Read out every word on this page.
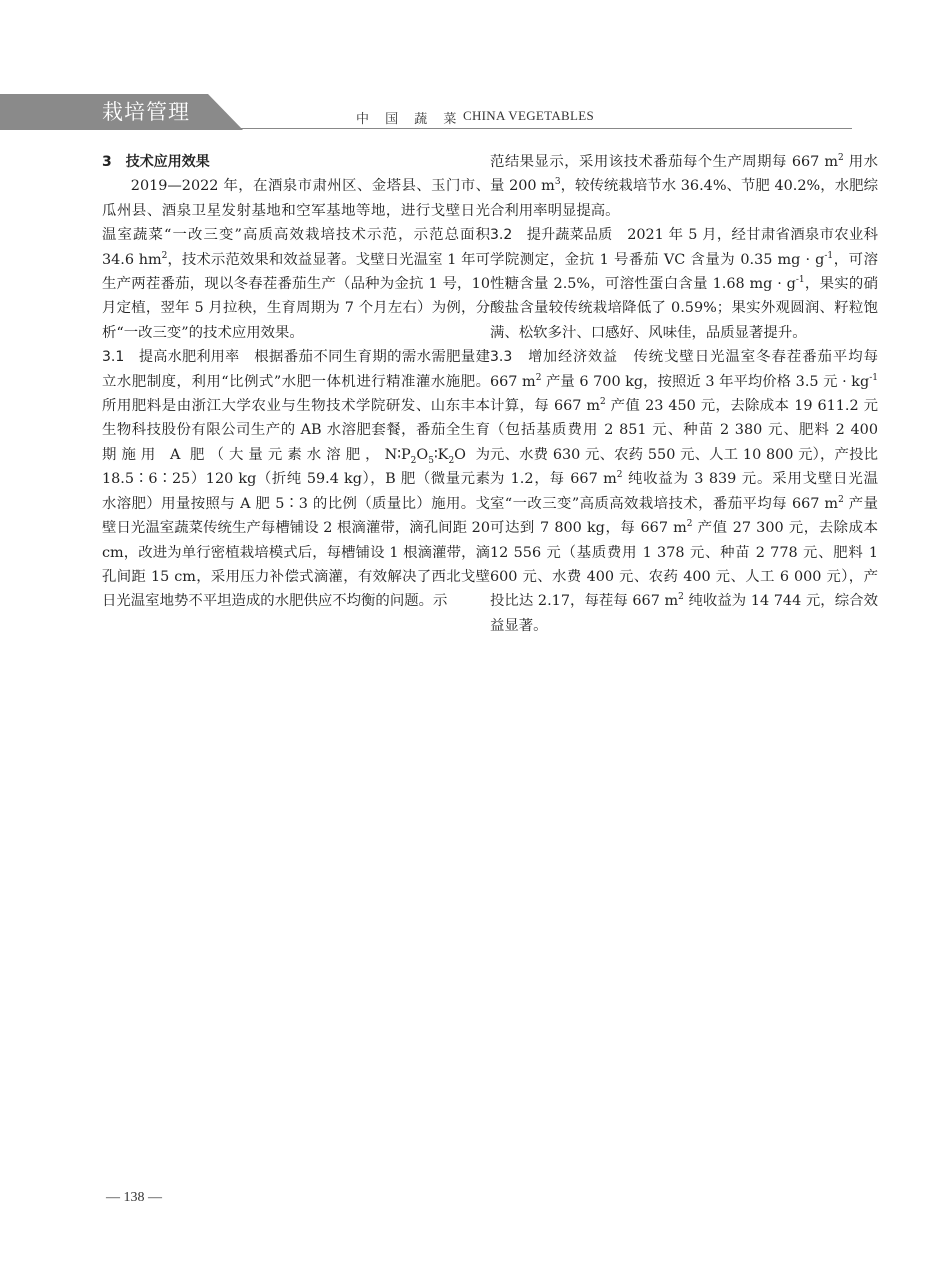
栽培管理	中 国 蔬 菜 CHINA VEGETABLES

3　技术应用效果

2019—2022 年，在酒泉市肃州区、金塔县、玉门市、瓜州县、酒泉卫星发射基地和空军基地等地，进行戈壁日光温室蔬菜“一改三变”高质高效栽培技术示范，示范总面积 34.6 $hm^2$，技术示范效果和效益显著。戈壁日光温室 1 年可生产两茬番茄，现以冬春茬番茄生产（品种为金抗 1 号，10 月定植，翌年 5 月拉秧，生育周期为 7 个月左右）为例，分析“一改三变”的技术应用效果。

3.1　提高水肥利用率　根据番茄不同生育期的需水需肥量建立水肥制度，利用“比例式”水肥一体机进行精准灌水施肥。所用肥料是由浙江大学农业与生物技术学院研发、山东丰本生物科技股份有限公司生产的 AB 水溶肥套餐，番茄全生育期施用 A 肥（大量元素水溶肥，$N∶P_2O_5∶K_2O$ 为 18.5∶6∶25）120 kg（折纯 59.4 kg），B 肥（微量元素水溶肥）用量按照与 A 肥 5∶3 的比例（质量比）施用。戈壁日光温室蔬菜传统生产每槽铺设 2 根滴灌带，滴孔间距 20 cm，改进为单行密植栽培模式后，每槽铺设 1 根滴灌带，滴孔间距 15 cm，采用压力补偿式滴灌，有效解决了西北戈壁日光温室地势不平坦造成的水肥供应不均衡的问题。示

范结果显示，采用该技术番茄每个生产周期每 667 $m^2$ 用水量 200 $m^3$，较传统栽培节水 36.4%、节肥 40.2%，水肥综合利用率明显提高。

3.2　提升蔬菜品质　2021 年 5 月，经甘肃省酒泉市农业科学院测定，金抗 1 号番茄 VC 含量为 0.35 mg · $g^{-1}$，可溶性糖含量 2.5%，可溶性蛋白含量 1.68 mg · $g^{-1}$，果实的硝酸盐含量较传统栽培降低了 0.59%；果实外观圆润、籽粒饱满、松软多汁、口感好、风味佳，品质显著提升。

3.3　增加经济效益　传统戈壁日光温室冬春茬番茄平均每 667 $m^2$ 产量 6 700 kg，按照近 3 年平均价格 3.5 元 · $kg^{-1}$ 计算，每 667 $m^2$ 产值 23 450 元，去除成本 19 611.2 元（包括基质费用 2 851 元、种苗 2 380 元、肥料 2 400 元、水费 630 元、农药 550 元、人工 10 800 元），产投比为 1.2，每 667 $m^2$ 纯收益为 3 839 元。采用戈壁日光温室“一改三变”高质高效栽培技术，番茄平均每 667 $m^2$ 产量可达到 7 800 kg，每 667 $m^2$ 产值 27 300 元，去除成本 12 556 元（基质费用 1 378 元、种苗 2 778 元、肥料 1 600 元、水费 400 元、农药 400 元、人工 6 000 元），产投比达 2.17，每茬每 667 $m^2$ 纯收益为 14 744 元，综合效益显著。

— 138 —
